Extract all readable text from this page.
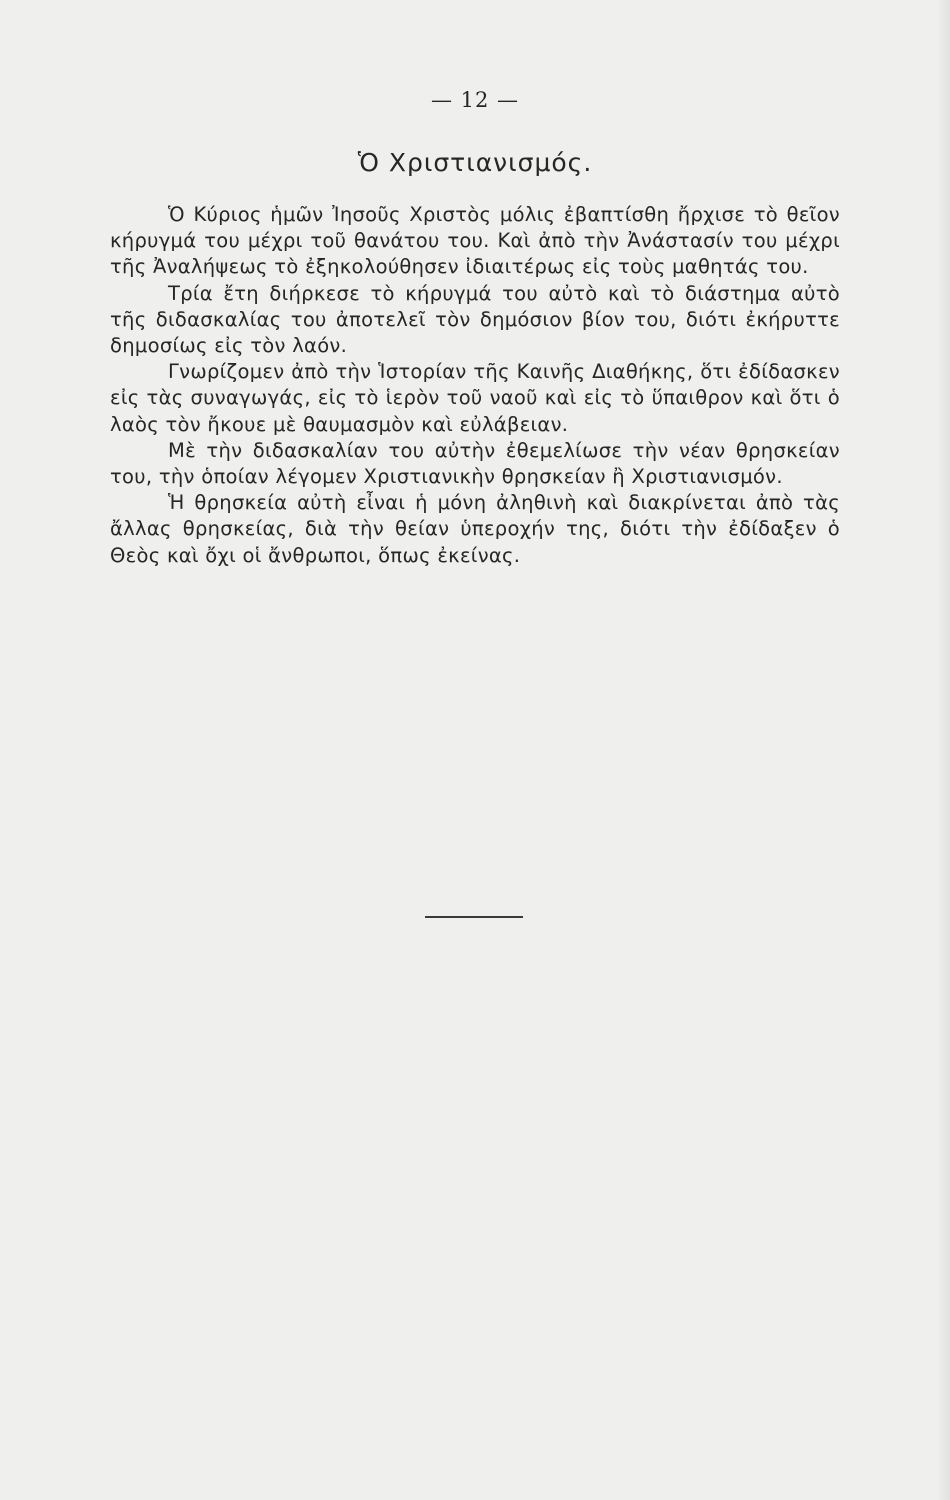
— 12 —
Ὁ Χριστιανισμός.

Ὁ Κύριος ἡμῶν Ἰησοῦς Χριστὸς μόλις ἐβαπτίσθη ἤρχισε τὸ θεῖον κήρυγμά του μέχρι τοῦ θανάτου του. Καὶ ἀπὸ τὴν Ἀνάστασίν του μέχρι τῆς Ἀναλήψεως τὸ ἐξηκολούθησεν ἰδιαιτέρως εἰς τοὺς μαθητάς του.

Τρία ἔτη διήρκεσε τὸ κήρυγμά του αὐτὸ καὶ τὸ διάστημα αὐτὸ τῆς διδασκαλίας του ἀποτελεῖ τὸν δημόσιον βίον του, διότι ἐκήρυττε δημοσίως εἰς τὸν λαόν.

Γνωρίζομεν ἀπὸ τὴν Ἱστορίαν τῆς Καινῆς Διαθήκης, ὅτι ἐδίδασκεν εἰς τὰς συναγωγάς, εἰς τὸ ἱερὸν τοῦ ναοῦ καὶ εἰς τὸ ὕπαιθρον καὶ ὅτι ὁ λαὸς τὸν ἤκουε μὲ θαυμασμὸν καὶ εὐλάβειαν.

Μὲ τὴν διδασκαλίαν του αὐτὴν ἐθεμελίωσε τὴν νέαν θρησκείαν του, τὴν ὁποίαν λέγομεν Χριστιανικὴν θρησκείαν ἢ Χριστιανισμόν.

Ἡ θρησκεία αὐτὴ εἶναι ἡ μόνη ἀληθινὴ καὶ διακρίνεται ἀπὸ τὰς ἄλλας θρησκείας, διὰ τὴν θείαν ὑπεροχήν της, διότι τὴν ἐδίδαξεν ὁ Θεὸς καὶ ὄχι οἱ ἄνθρωποι, ὅπως ἐκείνας.
